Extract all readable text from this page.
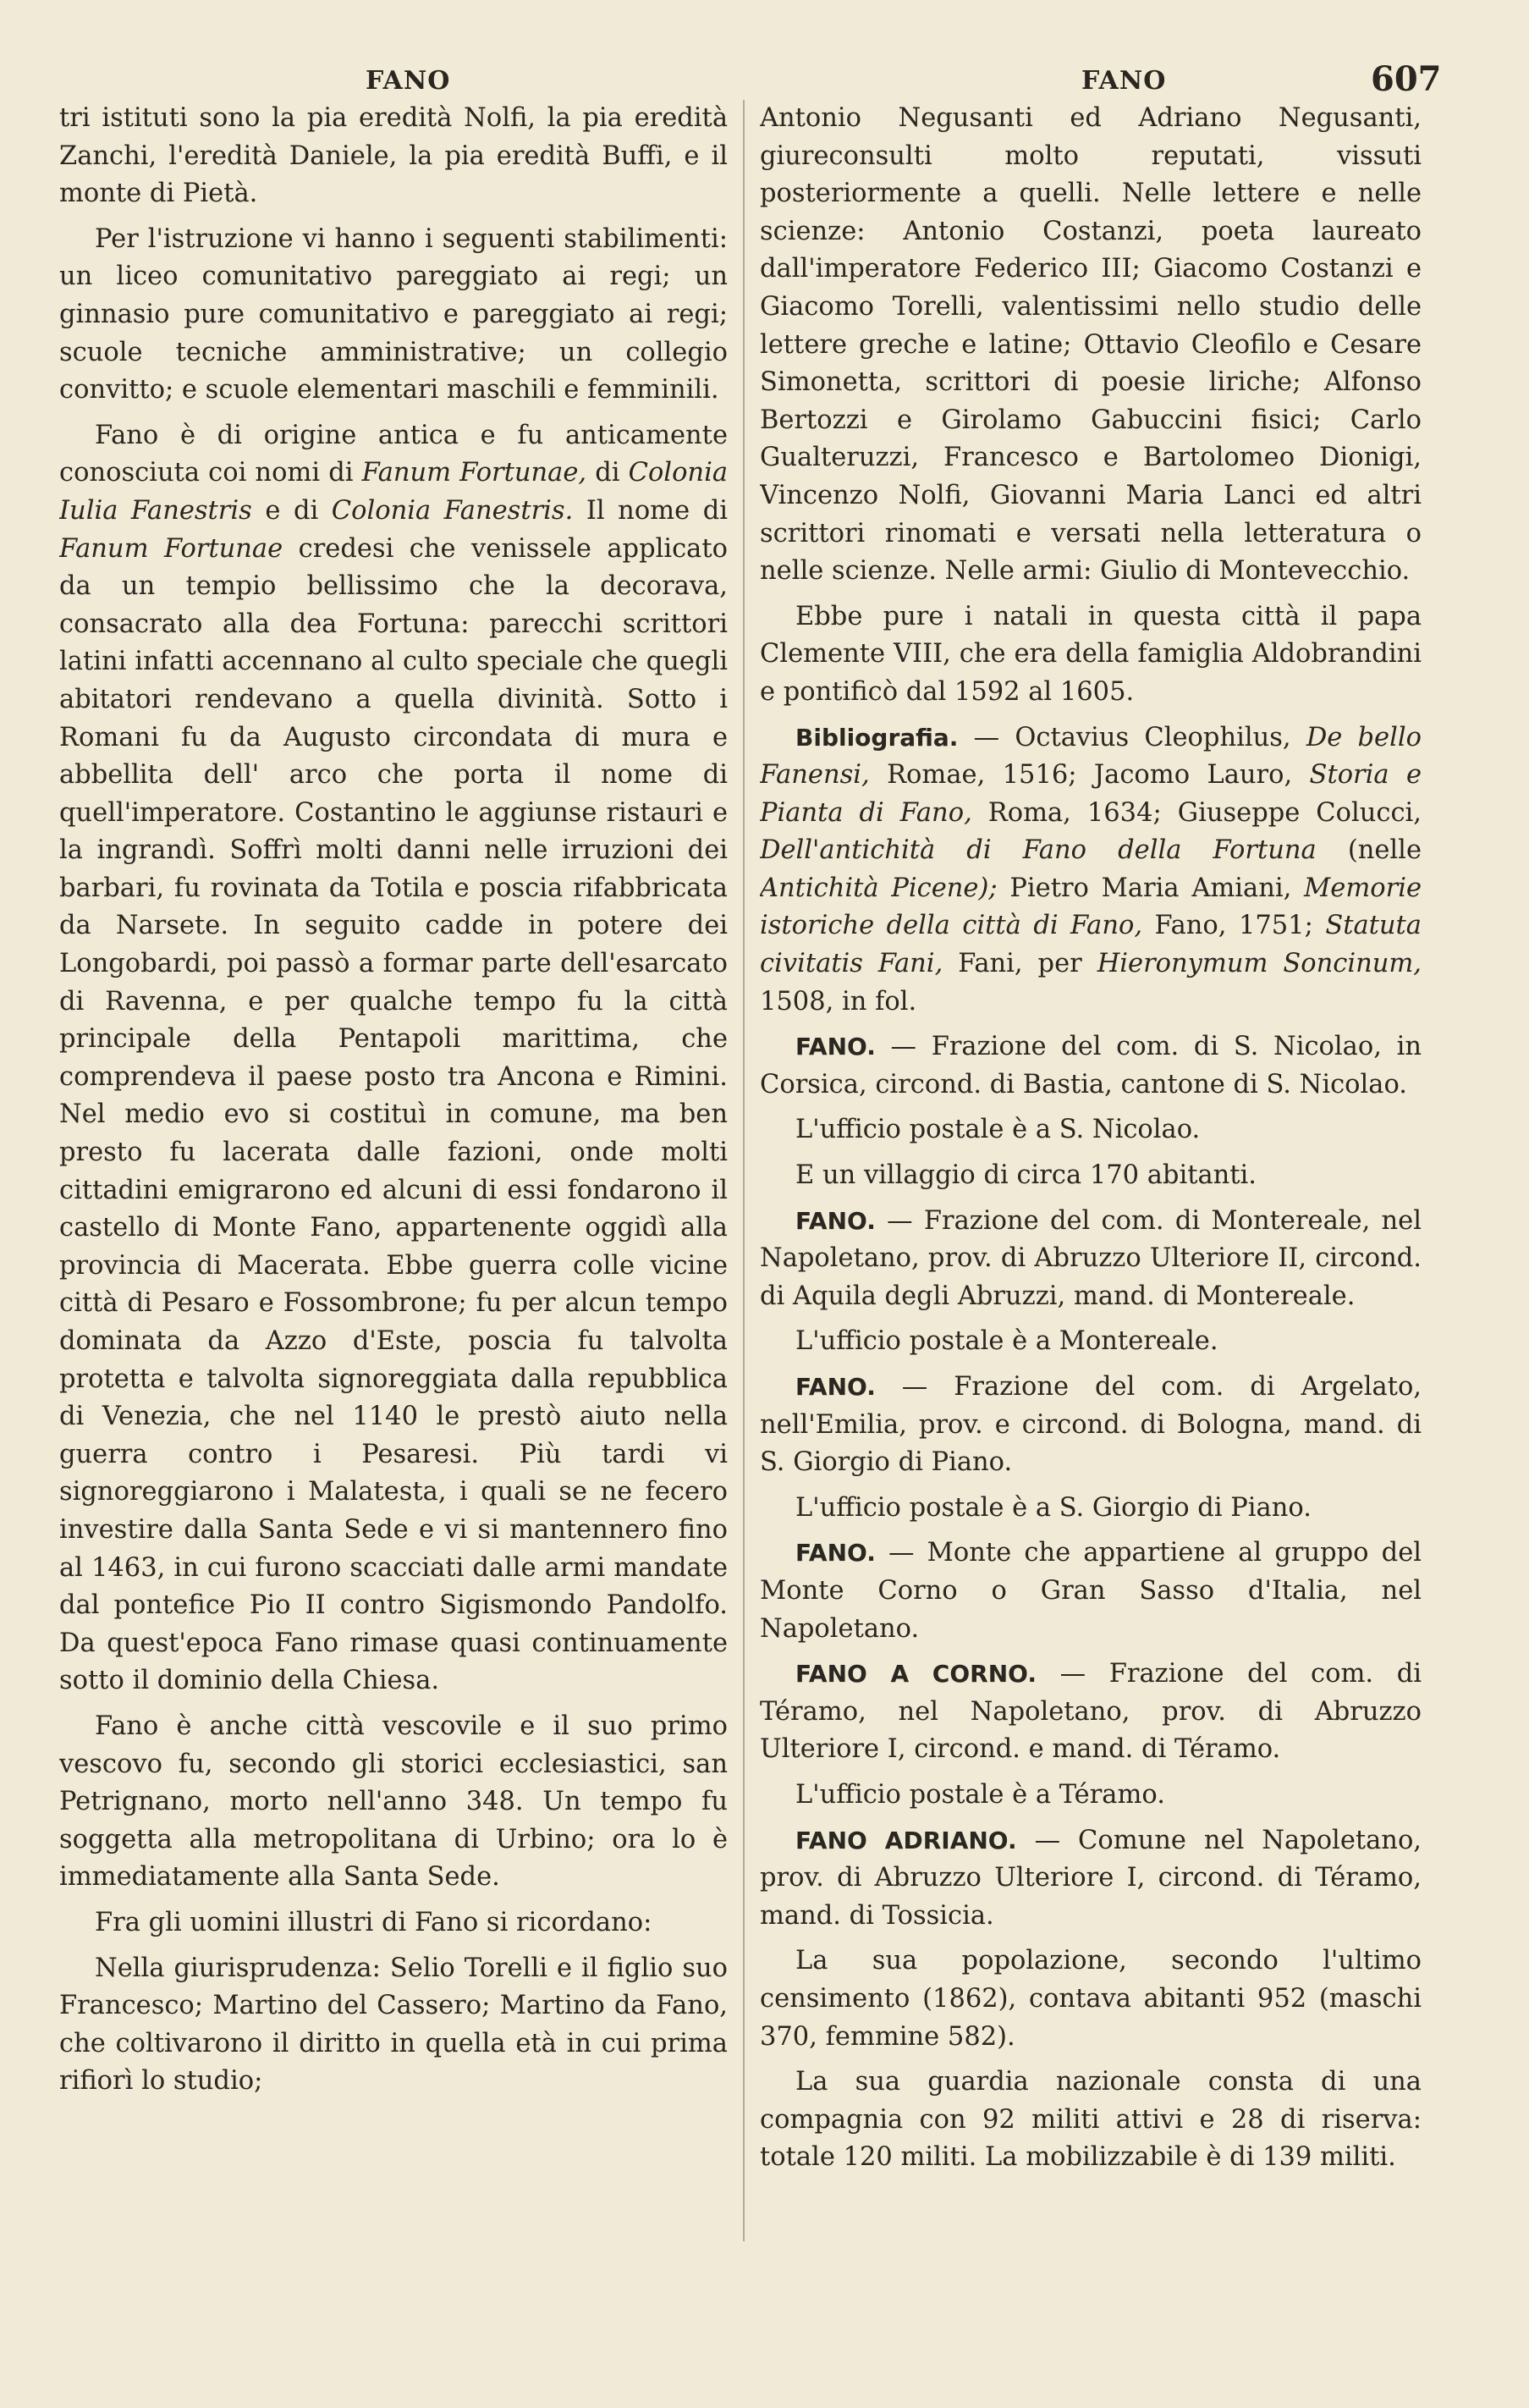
FANO	FANO	607

tri istituti sono la pia eredità Nolfi, la pia eredità Zanchi, l'eredità Daniele, la pia eredità Buffi, e il monte di Pietà.

Per l'istruzione vi hanno i seguenti stabilimenti: un liceo comunitativo pareggiato ai regi; un ginnasio pure comunitativo e pareggiato ai regi; scuole tecniche amministrative; un collegio convitto; e scuole elementari maschili e femminili.

Fano è di origine antica e fu anticamente conosciuta coi nomi di Fanum Fortunae, di Colonia Iulia Fanestris e di Colonia Fanestris. Il nome di Fanum Fortunae credesi che venissele applicato da un tempio bellissimo che la decorava, consacrato alla dea Fortuna: parecchi scrittori latini infatti accennano al culto speciale che quegli abitatori rendevano a quella divinità. Sotto i Romani fu da Augusto circondata di mura e abbellita dell' arco che porta il nome di quell'imperatore. Costantino le aggiunse ristauri e la ingrandì. Soffrì molti danni nelle irruzioni dei barbari, fu rovinata da Totila e poscia rifabbricata da Narsete. In seguito cadde in potere dei Longobardi, poi passò a formar parte dell'esarcato di Ravenna, e per qualche tempo fu la città principale della Pentapoli marittima, che comprendeva il paese posto tra Ancona e Rimini. Nel medio evo si costituì in comune, ma ben presto fu lacerata dalle fazioni, onde molti cittadini emigrarono ed alcuni di essi fondarono il castello di Monte Fano, appartenente oggidì alla provincia di Macerata. Ebbe guerra colle vicine città di Pesaro e Fossombrone; fu per alcun tempo dominata da Azzo d'Este, poscia fu talvolta protetta e talvolta signoreggiata dalla repubblica di Venezia, che nel 1140 le prestò aiuto nella guerra contro i Pesaresi. Più tardi vi signoreggiarono i Malatesta, i quali se ne fecero investire dalla Santa Sede e vi si mantennero fino al 1463, in cui furono scacciati dalle armi mandate dal pontefice Pio II contro Sigismondo Pandolfo. Da quest'epoca Fano rimase quasi continuamente sotto il dominio della Chiesa.

Fano è anche città vescovile e il suo primo vescovo fu, secondo gli storici ecclesiastici, san Petrignano, morto nell'anno 348. Un tempo fu soggetta alla metropolitana di Urbino; ora lo è immediatamente alla Santa Sede.

Fra gli uomini illustri di Fano si ricordano:

Nella giurisprudenza: Selio Torelli e il figlio suo Francesco; Martino del Cassero; Martino da Fano, che coltivarono il diritto in quella età in cui prima rifiorì lo studio;

Antonio Negusanti ed Adriano Negusanti, giureconsulti molto reputati, vissuti posteriormente a quelli. Nelle lettere e nelle scienze: Antonio Costanzi, poeta laureato dall'imperatore Federico III; Giacomo Costanzi e Giacomo Torelli, valentissimi nello studio delle lettere greche e latine; Ottavio Cleofilo e Cesare Simonetta, scrittori di poesie liriche; Alfonso Bertozzi e Girolamo Gabuccini fisici; Carlo Gualteruzzi, Francesco e Bartolomeo Dionigi, Vincenzo Nolfi, Giovanni Maria Lanci ed altri scrittori rinomati e versati nella letteratura o nelle scienze. Nelle armi: Giulio di Montevecchio.

Ebbe pure i natali in questa città il papa Clemente VIII, che era della famiglia Aldobrandini e pontificò dal 1592 al 1605.

Bibliografia. — Octavius Cleophilus, De bello Fanensi, Romae, 1516; Jacomo Lauro, Storia e Pianta di Fano, Roma, 1634; Giuseppe Colucci, Dell'antichità di Fano della Fortuna (nelle Antichità Picene); Pietro Maria Amiani, Memorie istoriche della città di Fano, Fano, 1751; Statuta civitatis Fani, Fani, per Hieronymum Soncinum, 1508, in fol.

FANO. — Frazione del com. di S. Nicolao, in Corsica, circond. di Bastia, cantone di S. Nicolao.

L'ufficio postale è a S. Nicolao.

E un villaggio di circa 170 abitanti.

FANO. — Frazione del com. di Montereale, nel Napoletano, prov. di Abruzzo Ulteriore II, circond. di Aquila degli Abruzzi, mand. di Montereale.

L'ufficio postale è a Montereale.

FANO. — Frazione del com. di Argelato, nell'Emilia, prov. e circond. di Bologna, mand. di S. Giorgio di Piano.

L'ufficio postale è a S. Giorgio di Piano.

FANO. — Monte che appartiene al gruppo del Monte Corno o Gran Sasso d'Italia, nel Napoletano.

FANO A CORNO. — Frazione del com. di Téramo, nel Napoletano, prov. di Abruzzo Ulteriore I, circond. e mand. di Téramo.

L'ufficio postale è a Téramo.

FANO ADRIANO. — Comune nel Napoletano, prov. di Abruzzo Ulteriore I, circond. di Téramo, mand. di Tossicia.

La sua popolazione, secondo l'ultimo censimento (1862), contava abitanti 952 (maschi 370, femmine 582).

La sua guardia nazionale consta di una compagnia con 92 militi attivi e 28 di riserva: totale 120 militi. La mobilizzabile è di 139 militi.
